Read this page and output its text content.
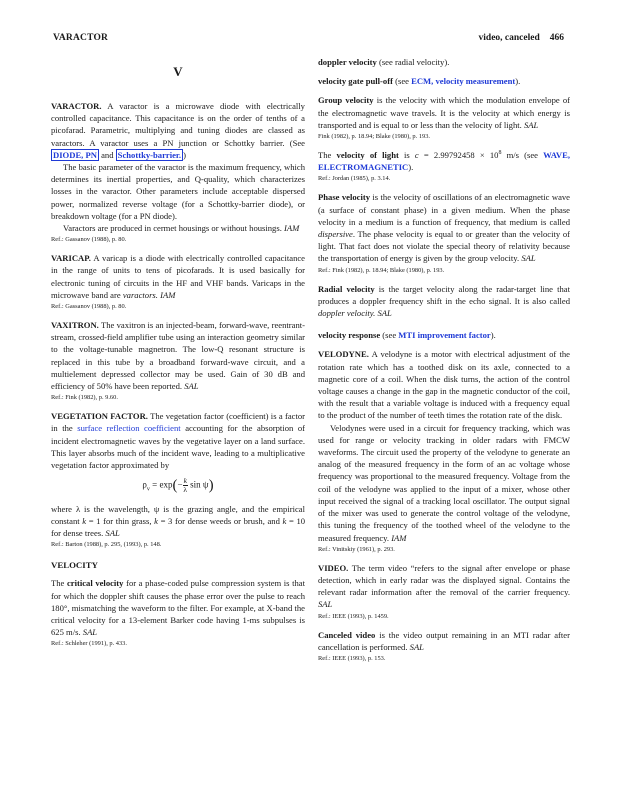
VARACTOR	video, canceled 466
V

VARACTOR. A varactor is a microwave diode with electrically controlled capacitance. This capacitance is on the order of tenths of a picofarad. Parametric, multiplying and tuning diodes are classed as varactors. A varactor uses a PN junction or Schottky barrier. (See DIODE, PN and Schottky-barrier. )

The basic parameter of the varactor is the maximum frequency, which determines its inertial properties, and Q-quality, which characterizes losses in the varactor. Other parameters include acceptable dispersed power, normalized reverse voltage (for a Schottky-barrier diode), or breakdown voltage (for a PN diode).

Varactors are produced in cermet housings or without housings. IAM

Ref.: Gassanov (1988), p. 80.

VARICAP. A varicap is a diode with electrically controlled capacitance in the range of units to tens of picofarads. It is used basically for electronic tuning of circuits in the HF and VHF bands. Varicaps in the microwave band are varactors. IAM

Ref.: Gassanov (1988), p. 80.

VAXITRON. The vaxitron is an injected-beam, forward-wave, reentrant-stream, crossed-field amplifier tube using an interaction geometry similar to the voltage-tunable magnetron. The low-Q resonant structure is replaced in this tube by a broadband forward-wave circuit, and a multielement depressed collector may be used. Gain of 30 dB and efficiency of 50% have been reported. SAL

Ref.: Fink (1982), p. 9.60.

VEGETATION FACTOR. The vegetation factor (coefficient) is a factor in the surface reflection coefficient accounting for the absorption of incident electromagnetic waves by the vegetative layer on a land surface. This layer absorbs much of the incident wave, leading to a multiplicative vegetation factor approximated by

$\rho_v = \exp(- \frac{k}{\lambda}$ sin ψ)

where λ is the wavelength, ψ is the grazing angle, and the empirical constant k = 1 for thin grass, k = 3 for dense weeds or brush, and k = 10 for dense trees. SAL

Ref.: Barton (1988), p. 295, (1993), p. 148.
VELOCITY

The critical velocity for a phase-coded pulse compression system is that for which the doppler shift causes the phase error over the pulse to reach 180°, mismatching the waveform to the filter. For example, at X-band the critical velocity for a 13-element Barker code having 1-ms subpulses is 625 m/s. SAL

Ref.: Schleher (1991), p. 433.

doppler velocity (see radial velocity).

velocity gate pull-off (see ECM, velocity measurement).

Group velocity is the velocity with which the modulation envelope of the electromagnetic wave travels. It is the velocity at which energy is transported and is equal to or less than the velocity of light. SAL

Fink (1982), p. 18.94; Blake (1980), p. 193.

The velocity of light is $c = 2.99792458 \times 10^8$ m/s (see WAVE, ELECTROMAGNETIC).

Ref.: Jordan (1985), p. 3.14.

Phase velocity is the velocity of oscillations of an electromagnetic wave (a surface of constant phase) in a given medium. When the phase velocity in a medium is a function of frequency, that medium is called dispersive. The phase velocity is equal to or greater than the velocity of light. That fact does not violate the special theory of relativity because the transportation of energy is given by the group velocity. SAL

Ref.: Fink (1982), p. 18.94; Blake (1980), p. 193.

Radial velocity is the target velocity along the radar-target line that produces a doppler frequency shift in the echo signal. It is also called doppler velocity. SAL

velocity response (see MTI improvement factor).

VELODYNE. A velodyne is a motor with electrical adjustment of the rotation rate which has a toothed disk on its axle, connected to a magnetic core of a coil. When the disk turns, the action of the control voltage causes a change in the gap in the magnetic conductor of the coil, with the result that a variable voltage is induced with a frequency equal to the product of the number of teeth times the rotation rate of the disk.

Velodynes were used in a circuit for frequency tracking, which was used for range or velocity tracking in older radars with FMCW waveforms. The circuit used the property of the velodyne to generate an analog of the measured frequency in the form of an ac voltage whose frequency was proportional to the measured frequency. Voltage from the coil of the velodyne was applied to the input of a mixer, whose other input received the signal of a tracking local oscillator. The output signal of the mixer was used to generate the control voltage of the velodyne, this tuning the frequency of the toothed wheel of the velodyne to the measured frequency. IAM

Ref.: Vinitskiy (1961), p. 293.

VIDEO. The term video “refers to the signal after envelope or phase detection, which in early radar was the displayed signal. Contains the relevant radar information after the removal of the carrier frequency. SAL

Ref.: IEEE (1993), p. 1459.

Canceled video is the video output remaining in an MTI radar after cancellation is performed. SAL

Ref.: IEEE (1993), p. 153.
